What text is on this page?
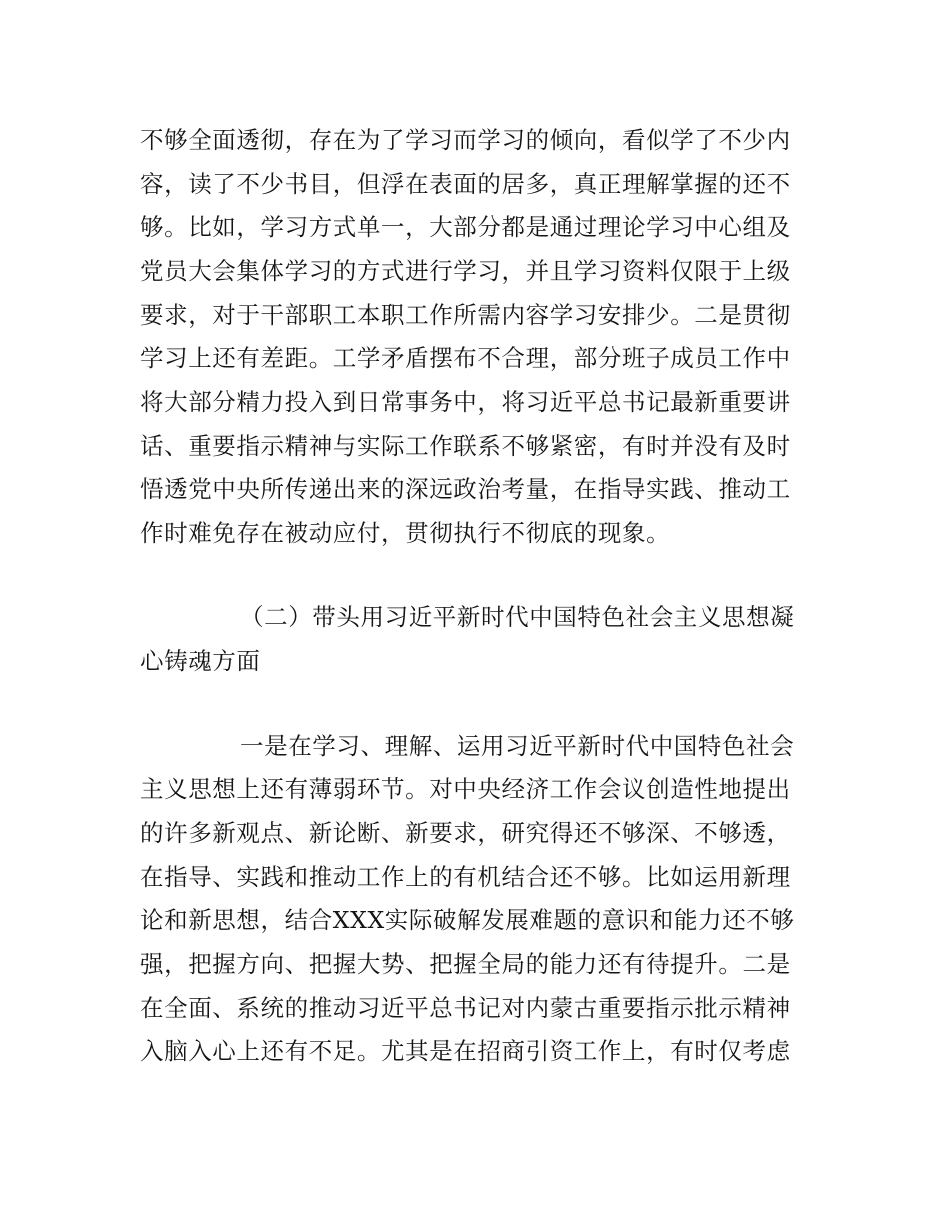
不够全面透彻，存在为了学习而学习的倾向，看似学了不少内
容，读了不少书目，但浮在表面的居多，真正理解掌握的还不
够。比如，学习方式单一，大部分都是通过理论学习中心组及
党员大会集体学习的方式进行学习，并且学习资料仅限于上级
要求，对于干部职工本职工作所需内容学习安排少。二是贯彻
学习上还有差距。工学矛盾摆布不合理，部分班子成员工作中
将大部分精力投入到日常事务中，将习近平总书记最新重要讲
话、重要指示精神与实际工作联系不够紧密，有时并没有及时
悟透党中央所传递出来的深远政治考量，在指导实践、推动工
作时难免存在被动应付，贯彻执行不彻底的现象。
（二）带头用习近平新时代中国特色社会主义思想凝
心铸魂方面
一是在学习、理解、运用习近平新时代中国特色社会
主义思想上还有薄弱环节。对中央经济工作会议创造性地提出
的许多新观点、新论断、新要求，研究得还不够深、不够透，
在指导、实践和推动工作上的有机结合还不够。比如运用新理
论和新思想，结合XXX实际破解发展难题的意识和能力还不够
强，把握方向、把握大势、把握全局的能力还有待提升。二是
在全面、系统的推动习近平总书记对内蒙古重要指示批示精神
入脑入心上还有不足。尤其是在招商引资工作上，有时仅考虑
